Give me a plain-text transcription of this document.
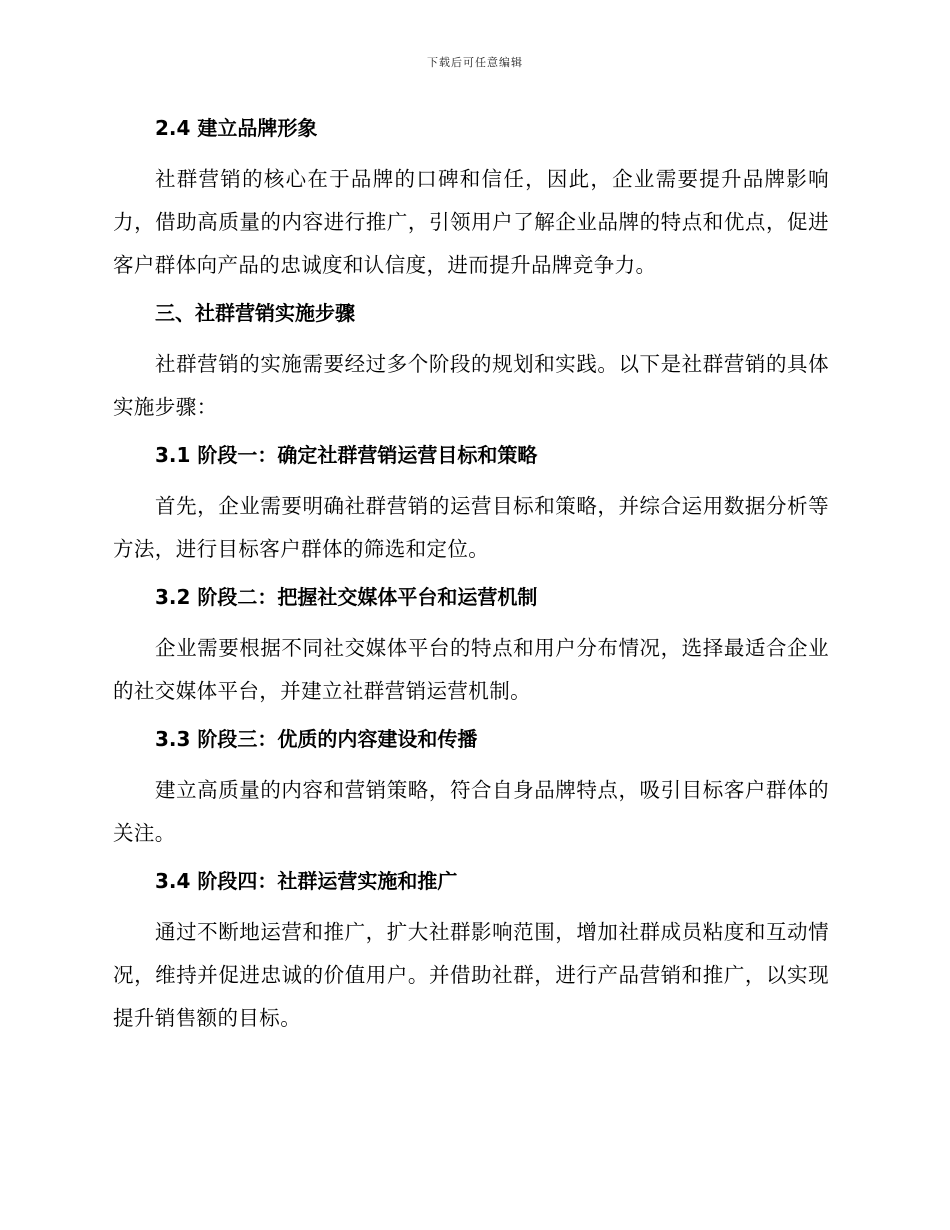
下载后可任意编辑
2.4 建立品牌形象

社群营销的核心在于品牌的口碑和信任，因此，企业需要提升品牌影响力，借助高质量的内容进行推广，引领用户了解企业品牌的特点和优点，促进客户群体向产品的忠诚度和认信度，进而提升品牌竞争力。

三、社群营销实施步骤

社群营销的实施需要经过多个阶段的规划和实践。以下是社群营销的具体实施步骤：

3.1 阶段一：确定社群营销运营目标和策略

首先，企业需要明确社群营销的运营目标和策略，并综合运用数据分析等方法，进行目标客户群体的筛选和定位。

3.2 阶段二：把握社交媒体平台和运营机制

企业需要根据不同社交媒体平台的特点和用户分布情况，选择最适合企业的社交媒体平台，并建立社群营销运营机制。

3.3 阶段三：优质的内容建设和传播

建立高质量的内容和营销策略，符合自身品牌特点，吸引目标客户群体的关注。

3.4 阶段四：社群运营实施和推广

通过不断地运营和推广，扩大社群影响范围，增加社群成员粘度和互动情况，维持并促进忠诚的价值用户。并借助社群，进行产品营销和推广，以实现提升销售额的目标。
